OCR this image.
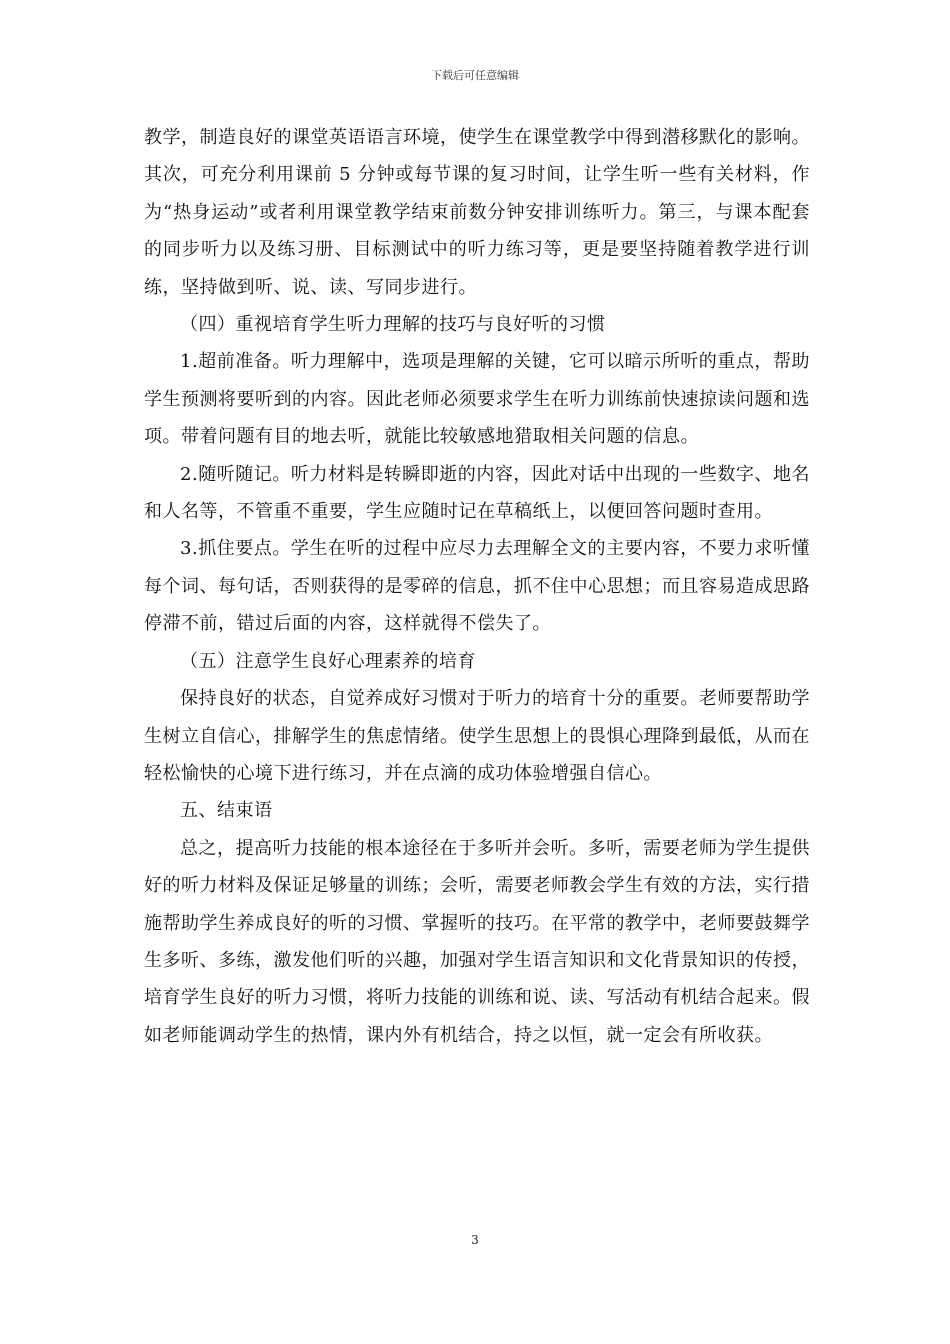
下载后可任意编辑

教学，制造良好的课堂英语语言环境，使学生在课堂教学中得到潜移默化的影响。其次，可充分利用课前 5 分钟或每节课的复习时间，让学生听一些有关材料，作为“热身运动”或者利用课堂教学结束前数分钟安排训练听力。第三，与课本配套的同步听力以及练习册、目标测试中的听力练习等，更是要坚持随着教学进行训练，坚持做到听、说、读、写同步进行。

（四）重视培育学生听力理解的技巧与良好听的习惯

1.超前准备。听力理解中，选项是理解的关键，它可以暗示所听的重点，帮助学生预测将要听到的内容。因此老师必须要求学生在听力训练前快速掠读问题和选项。带着问题有目的地去听，就能比较敏感地猎取相关问题的信息。

2.随听随记。听力材料是转瞬即逝的内容，因此对话中出现的一些数字、地名和人名等，不管重不重要，学生应随时记在草稿纸上，以便回答问题时查用。

3.抓住要点。学生在听的过程中应尽力去理解全文的主要内容，不要力求听懂每个词、每句话，否则获得的是零碎的信息，抓不住中心思想；而且容易造成思路停滞不前，错过后面的内容，这样就得不偿失了。

（五）注意学生良好心理素养的培育

保持良好的状态，自觉养成好习惯对于听力的培育十分的重要。老师要帮助学生树立自信心，排解学生的焦虑情绪。使学生思想上的畏惧心理降到最低，从而在轻松愉快的心境下进行练习，并在点滴的成功体验增强自信心。

五、结束语

总之，提高听力技能的根本途径在于多听并会听。多听，需要老师为学生提供好的听力材料及保证足够量的训练；会听，需要老师教会学生有效的方法，实行措施帮助学生养成良好的听的习惯、掌握听的技巧。在平常的教学中，老师要鼓舞学生多听、多练，激发他们听的兴趣，加强对学生语言知识和文化背景知识的传授，培育学生良好的听力习惯，将听力技能的训练和说、读、写活动有机结合起来。假如老师能调动学生的热情，课内外有机结合，持之以恒，就一定会有所收获。

3
